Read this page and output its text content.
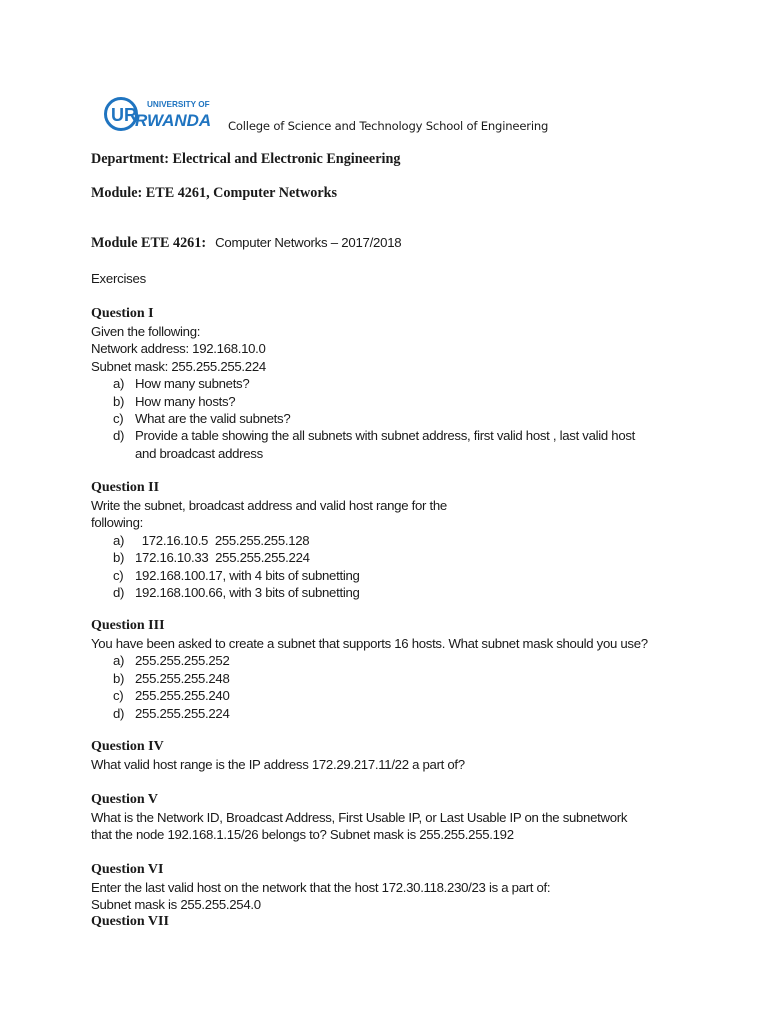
UR
UNIVERSITY OF
RWANDA College of Science and Technology School of Engineering
Department: Electrical and Electronic Engineering
Module: ETE 4261, Computer Networks
Module ETE 4261: Computer Networks – 2017/2018
Exercises
Question I
Given the following:
Network address: 192.168.10.0
Subnet mask: 255.255.255.224
a) How many subnets?
b) How many hosts?
c) What are the valid subnets?
d) Provide a table showing the all subnets with subnet address, first valid host , last valid host and broadcast address
Question II
Write the subnet, broadcast address and valid host range for the
following:
a) 172.16.10.5  255.255.255.128
b) 172.16.10.33  255.255.255.224
c) 192.168.100.17, with 4 bits of subnetting
d) 192.168.100.66, with 3 bits of subnetting
Question III
You have been asked to create a subnet that supports 16 hosts. What subnet mask should you use?
a) 255.255.255.252
b) 255.255.255.248
c) 255.255.255.240
d) 255.255.255.224
Question IV
What valid host range is the IP address 172.29.217.11/22 a part of?
Question V
What is the Network ID, Broadcast Address, First Usable IP, or Last Usable IP on the subnetwork
that the node 192.168.1.15/26 belongs to? Subnet mask is 255.255.255.192
Question VI
Enter the last valid host on the network that the host 172.30.118.230/23 is a part of:
Subnet mask is 255.255.254.0
Question VII
